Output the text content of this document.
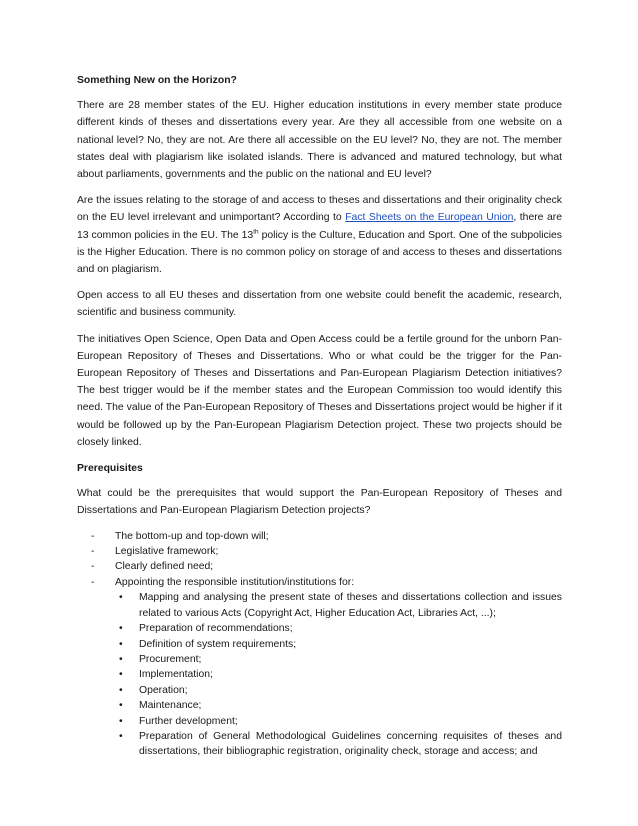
Something New on the Horizon?

There are 28 member states of the EU. Higher education institutions in every member state produce different kinds of theses and dissertations every year. Are they all accessible from one website on a national level? No, they are not. Are there all accessible on the EU level? No, they are not. The member states deal with plagiarism like isolated islands. There is advanced and matured technology, but what about parliaments, governments and the public on the national and EU level?

Are the issues relating to the storage of and access to theses and dissertations and their originality check on the EU level irrelevant and unimportant? According to Fact Sheets on the European Union, there are 13 common policies in the EU. The 13th policy is the Culture, Education and Sport. One of the subpolicies is the Higher Education. There is no common policy on storage of and access to theses and dissertations and on plagiarism.

Open access to all EU theses and dissertation from one website could benefit the academic, research, scientific and business community.

The initiatives Open Science, Open Data and Open Access could be a fertile ground for the unborn Pan-European Repository of Theses and Dissertations. Who or what could be the trigger for the Pan-European Repository of Theses and Dissertations and Pan-European Plagiarism Detection initiatives? The best trigger would be if the member states and the European Commission too would identify this need. The value of the Pan-European Repository of Theses and Dissertations project would be higher if it would be followed up by the Pan-European Plagiarism Detection project. These two projects should be closely linked.

Prerequisites

What could be the prerequisites that would support the Pan-European Repository of Theses and Dissertations and Pan-European Plagiarism Detection projects?

- The bottom-up and top-down will;
- Legislative framework;
- Clearly defined need;
- Appointing the responsible institution/institutions for:
• Mapping and analysing the present state of theses and dissertations collection and issues related to various Acts (Copyright Act, Higher Education Act, Libraries Act, ...);
• Preparation of recommendations;
• Definition of system requirements;
• Procurement;
• Implementation;
• Operation;
• Maintenance;
• Further development;
• Preparation of General Methodological Guidelines concerning requisites of theses and dissertations, their bibliographic registration, originality check, storage and access; and
